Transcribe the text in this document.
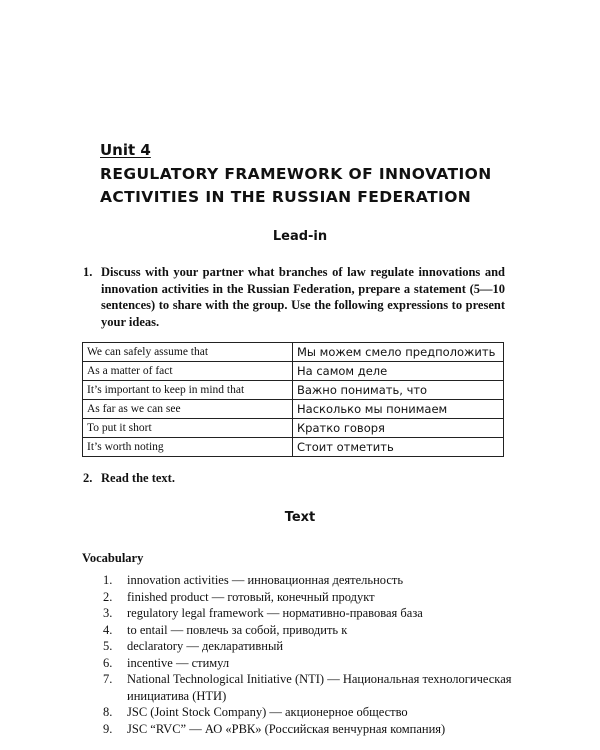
Unit 4
REGULATORY FRAMEWORK OF INNOVATION ACTIVITIES IN THE RUSSIAN FEDERATION
Lead-in
1. Discuss with your partner what branches of law regulate innovations and innovation activities in the Russian Federation, prepare a statement (5—10 sentences) to share with the group. Use the following expressions to present your ideas.
We can safely assume that	Мы можем смело предположить
As a matter of fact	На самом деле
It’s important to keep in mind that	Важно понимать, что
As far as we can see	Насколько мы понимаем
To put it short	Кратко говоря
It’s worth noting	Стоит отметить
2. Read the text.
Text
Vocabulary
1. innovation activities — инновационная деятельность
2. finished product — готовый, конечный продукт
3. regulatory legal framework — нормативно-правовая база
4. to entail — повлечь за собой, приводить к
5. declaratory — декларативный
6. incentive — стимул
7. National Technological Initiative (NTI) — Национальная технологическая инициатива (НТИ)
8. JSC (Joint Stock Company) — акционерное общество
9. JSC “RVC” — АО «РВК» (Российская венчурная компания)
